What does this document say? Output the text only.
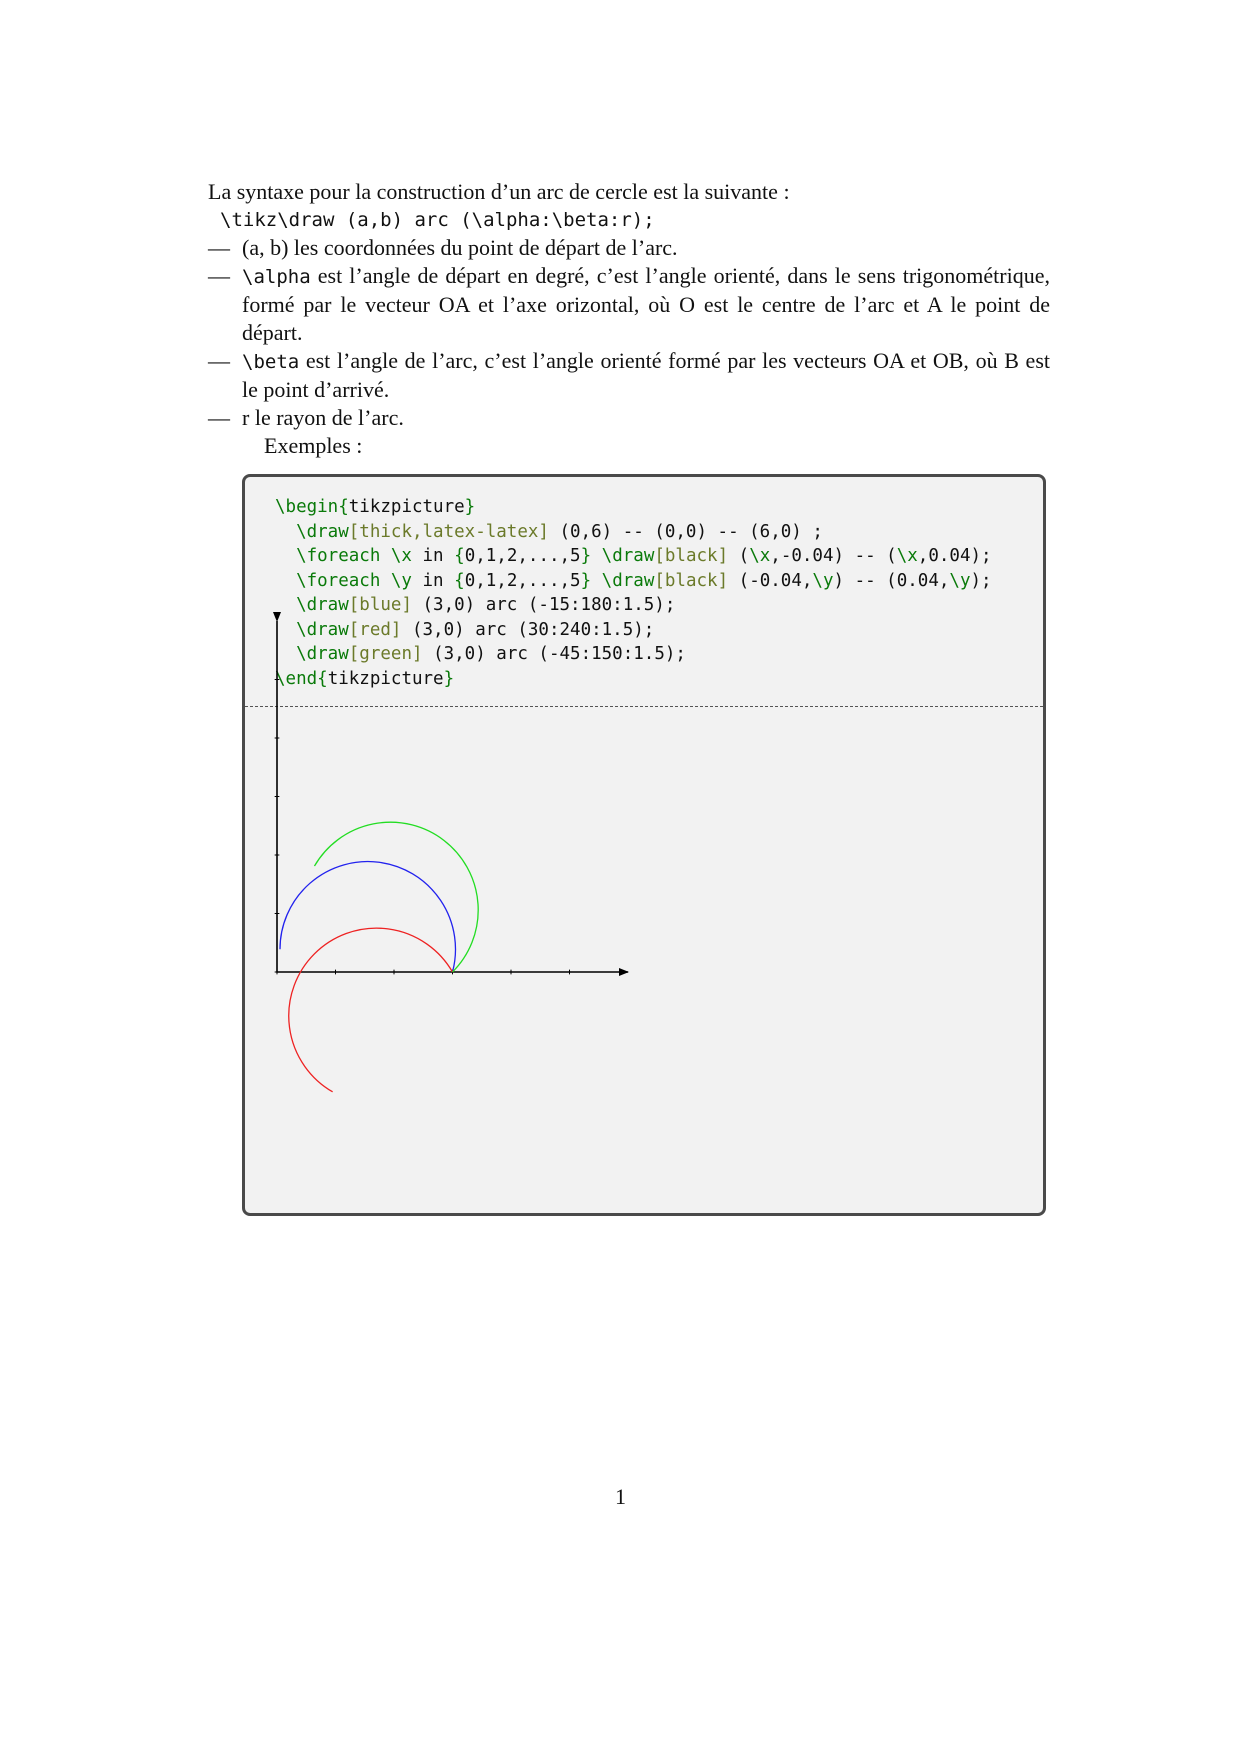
La syntaxe pour la construction d’un arc de cercle est la suivante :

\tikz\draw (a,b) arc (\alpha:\beta:r);

— (a, b) les coordonnées du point de départ de l’arc.
— \alpha est l’angle de départ en degré, c’est l’angle orienté, dans le sens trigonométrique, formé par le vecteur OA et l’axe orizontal, où O est le centre de l’arc et A le point de départ.
— \beta est l’angle de l’arc, c’est l’angle orienté formé par les vecteurs OA et OB, où B est le point d’arrivé.
— r le rayon de l’arc.

Exemples :

\begin{tikzpicture}
\draw[thick,latex-latex] (0,6) -- (0,0) -- (6,0) ;
\foreach \x in {0,1,2,...,5} \draw[black] (\x,-0.04) -- (\x,0.04);
\foreach \y in {0,1,2,...,5} \draw[black] (-0.04,\y) -- (0.04,\y);
\draw[blue] (3,0) arc (-15:180:1.5);
\draw[red] (3,0) arc (30:240:1.5);
\draw[green] (3,0) arc (-45:150:1.5);
\end{tikzpicture}
1
